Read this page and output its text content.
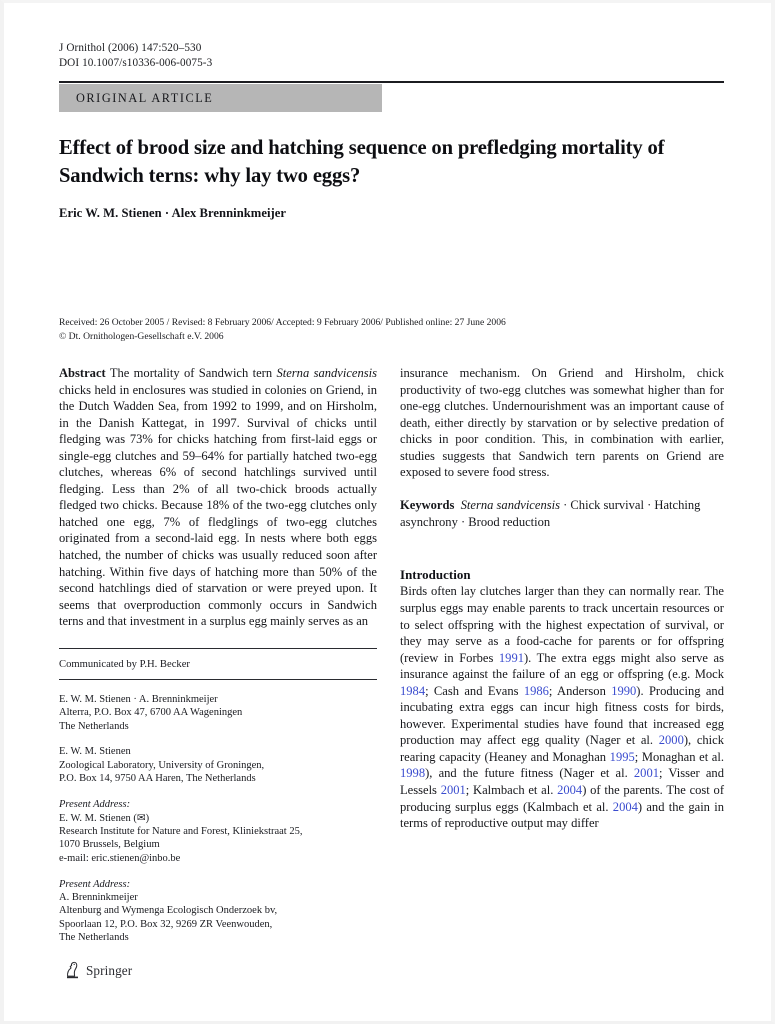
J Ornithol (2006) 147:520–530
DOI 10.1007/s10336-006-0075-3
ORIGINAL ARTICLE
Effect of brood size and hatching sequence on prefledging mortality of Sandwich terns: why lay two eggs?
Eric W. M. Stienen · Alex Brenninkmeijer
Received: 26 October 2005 / Revised: 8 February 2006/ Accepted: 9 February 2006/ Published online: 27 June 2006
© Dt. Ornithologen-Gesellschaft e.V. 2006

Abstract The mortality of Sandwich tern Sterna sandvicensis chicks held in enclosures was studied in colonies on Griend, in the Dutch Wadden Sea, from 1992 to 1999, and on Hirsholm, in the Danish Kattegat, in 1997. Survival of chicks until fledging was 73% for chicks hatching from first-laid eggs or single-egg clutches and 59–64% for partially hatched two-egg clutches, whereas 6% of second hatchlings survived until fledging. Less than 2% of all two-chick broods actually fledged two chicks. Because 18% of the two-egg clutches only hatched one egg, 7% of fledglings of two-egg clutches originated from a second-laid egg. In nests where both eggs hatched, the number of chicks was usually reduced soon after hatching. Within five days of hatching more than 50% of the second hatchlings died of starvation or were preyed upon. It seems that overproduction commonly occurs in Sandwich terns and that investment in a surplus egg mainly serves as an

Communicated by P.H. Becker
E. W. M. Stienen · A. Brenninkmeijer
Alterra, P.O. Box 47, 6700 AA Wageningen
The Netherlands
E. W. M. Stienen
Zoological Laboratory, University of Groningen,
P.O. Box 14, 9750 AA Haren, The Netherlands
Present Address:
E. W. M. Stienen (✉)
Research Institute for Nature and Forest, Kliniekstraat 25,
1070 Brussels, Belgium
e-mail: eric.stienen@inbo.be
Present Address:
A. Brenninkmeijer
Altenburg and Wymenga Ecologisch Onderzoek bv,
Spoorlaan 12, P.O. Box 32, 9269 ZR Veenwouden,
The Netherlands

insurance mechanism. On Griend and Hirsholm, chick productivity of two-egg clutches was somewhat higher than for one-egg clutches. Undernourishment was an important cause of death, either directly by starvation or by selective predation of chicks in poor condition. This, in combination with earlier, studies suggests that Sandwich tern parents on Griend are exposed to severe food stress.

Keywords Sterna sandvicensis · Chick survival · Hatching asynchrony · Brood reduction

Introduction

Birds often lay clutches larger than they can normally rear. The surplus eggs may enable parents to track uncertain resources or to select offspring with the highest expectation of survival, or they may serve as a food-cache for parents or for offspring (review in Forbes 1991). The extra eggs might also serve as insurance against the failure of an egg or offspring (e.g. Mock 1984; Cash and Evans 1986; Anderson 1990). Producing and incubating extra eggs can incur high fitness costs for birds, however. Experimental studies have found that increased egg production may affect egg quality (Nager et al. 2000), chick rearing capacity (Heaney and Monaghan 1995; Monaghan et al. 1998), and the future fitness (Nager et al. 2001; Visser and Lessels 2001; Kalmbach et al. 2004) of the parents. The cost of producing surplus eggs (Kalmbach et al. 2004) and the gain in terms of reproductive output may differ

Springer
